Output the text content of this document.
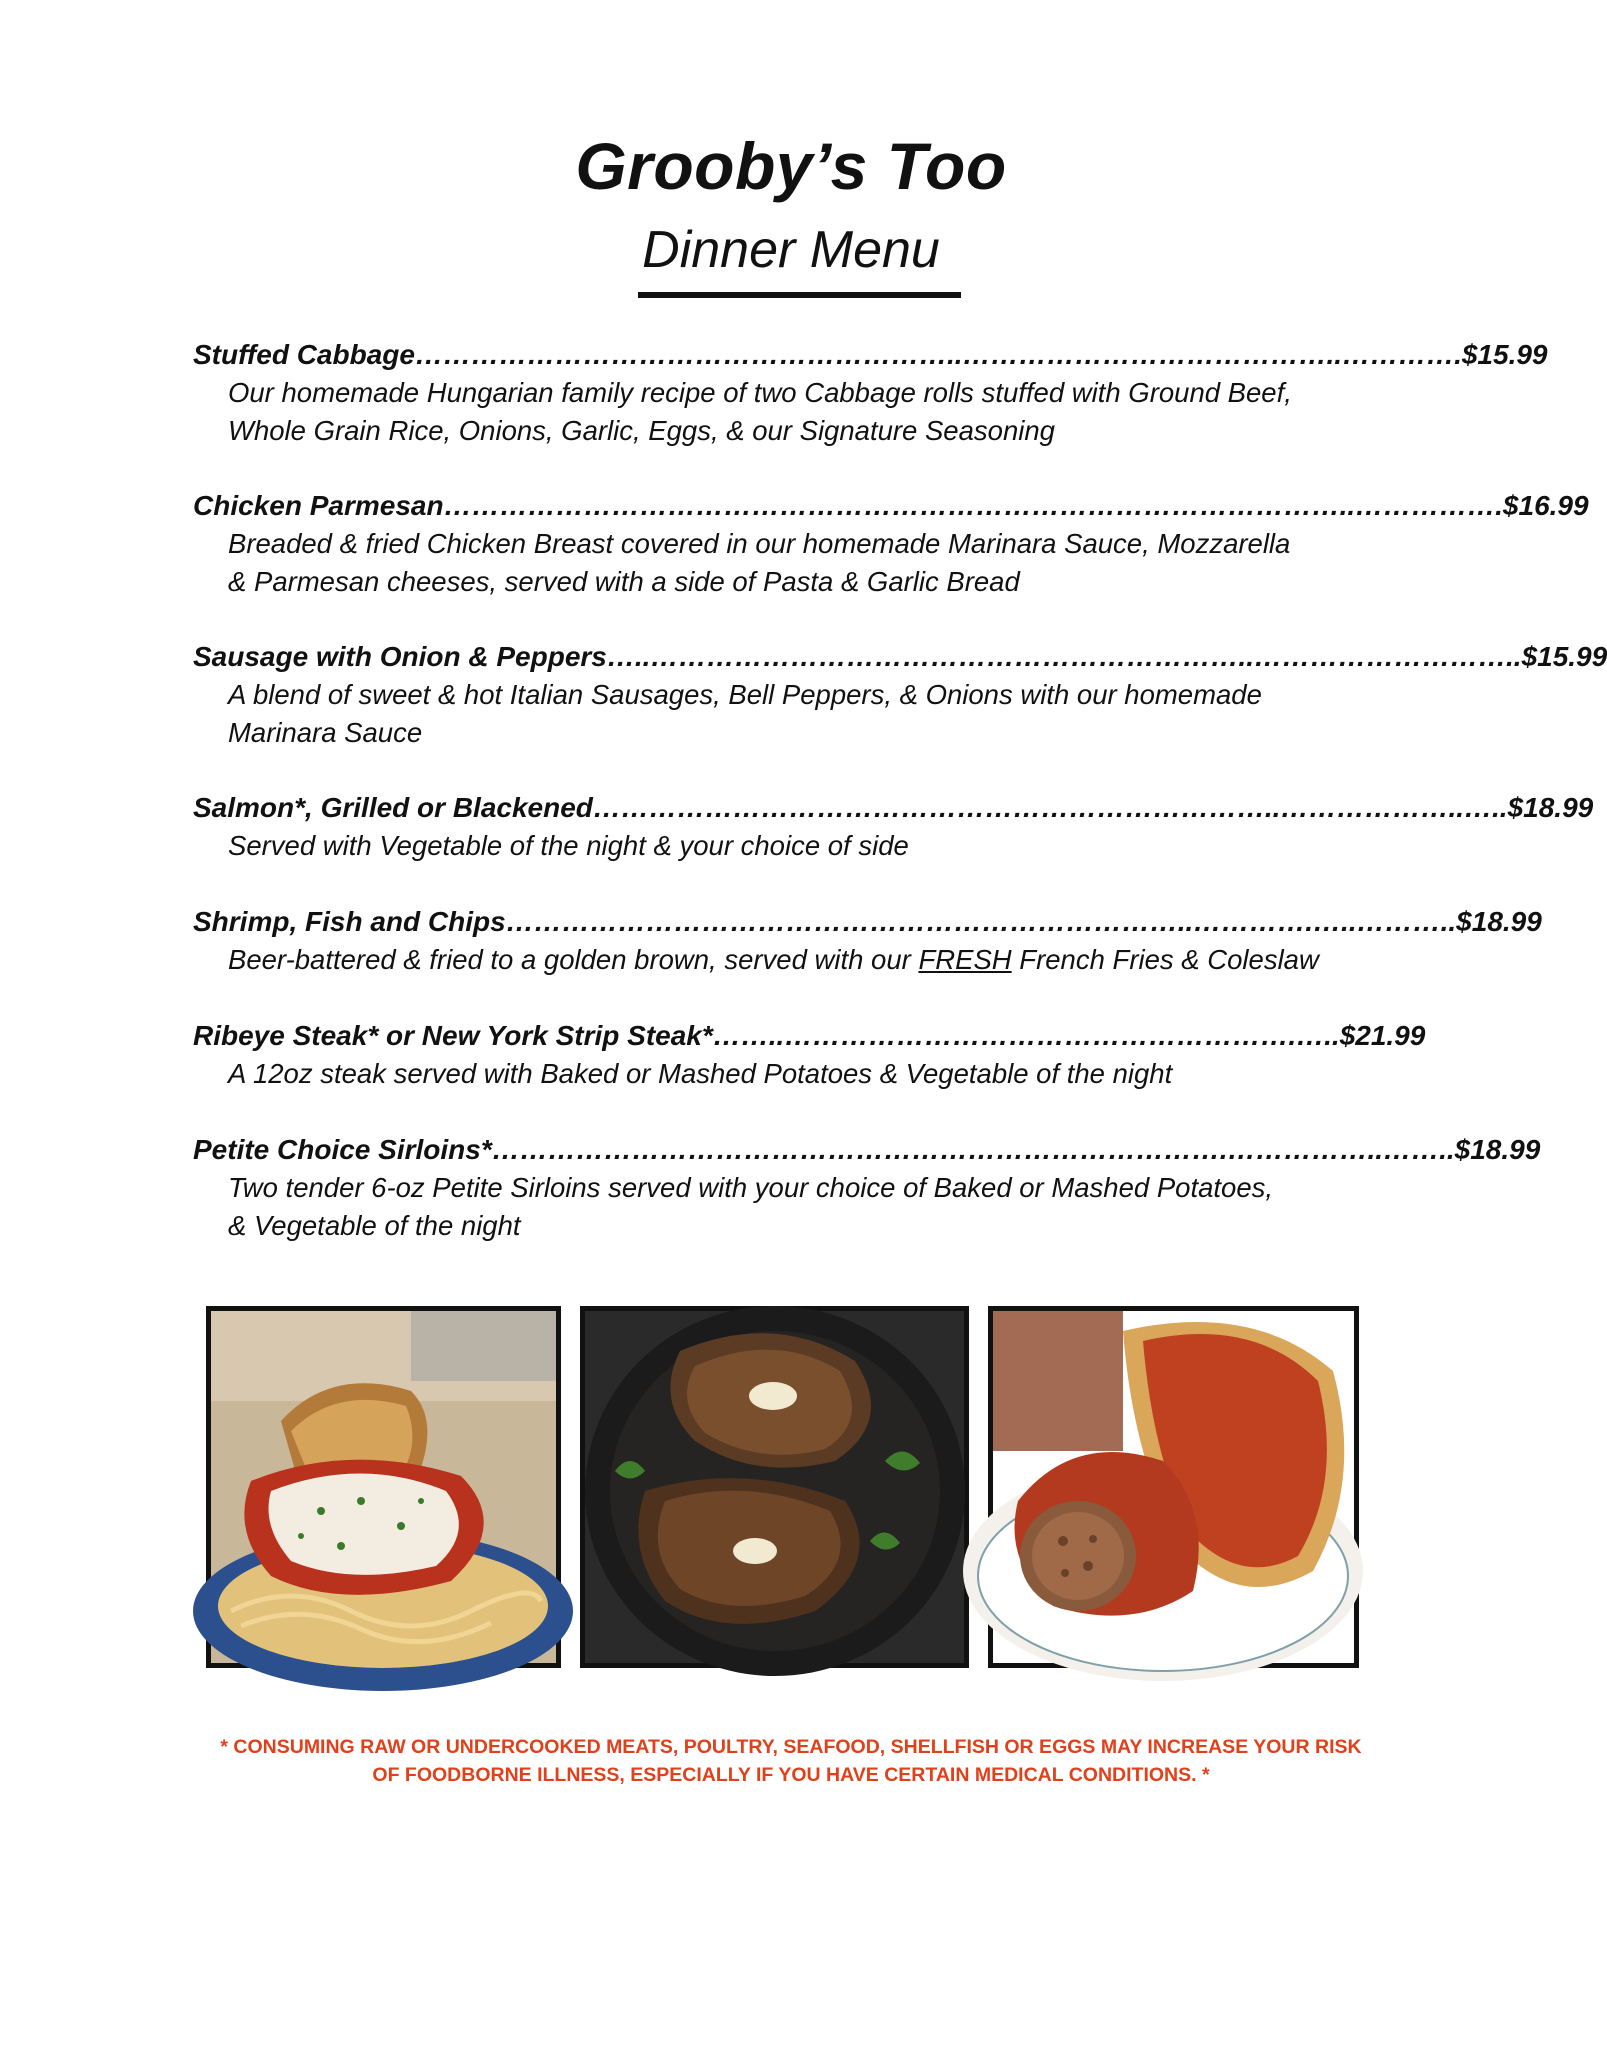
Grooby’s Too
Dinner Menu
Stuffed Cabbage …………………………………………………..…………………………………..…………. $15.99
Our homemade Hungarian family recipe of two Cabbage rolls stuffed with Ground Beef,
Whole Grain Rice, Onions, Garlic, Eggs, & our Signature Seasoning
Chicken Parmesan ……………………………………………………………………………………..……………. $16.99
Breaded & fried Chicken Breast covered in our homemade Marinara Sauce, Mozzarella
& Parmesan cheeses, served with a side of Pasta & Garlic Bread
Sausage with Onion & Peppers …..………………………………………………………..……………………….. $15.99
A blend of sweet & hot Italian Sausages, Bell Peppers, & Onions with our homemade
Marinara Sauce
Salmon*, Grilled or Blackened ………………………………………………………………..………………..….. $18.99
Served with Vegetable of the night & your choice of side
Shrimp, Fish and Chips ………………………………………………………………..………….…..……….. $18.99
Beer-battered & fried to a golden brown, served with our FRESH French Fries & Coleslaw
Ribeye Steak* or New York Strip Steak* ……..……………………………………………….….. $21.99
A 12oz steak served with Baked or Mashed Potatoes & Vegetable of the night
Petite Choice Sirloins* …………………………………………………………………….……………..…….. $18.99
Two tender 6-oz Petite Sirloins served with your choice of Baked or Mashed Potatoes,
& Vegetable of the night
* CONSUMING RAW OR UNDERCOOKED MEATS, POULTRY, SEAFOOD, SHELLFISH OR EGGS MAY INCREASE YOUR RISK
OF FOODBORNE ILLNESS, ESPECIALLY IF YOU HAVE CERTAIN MEDICAL CONDITIONS. *
